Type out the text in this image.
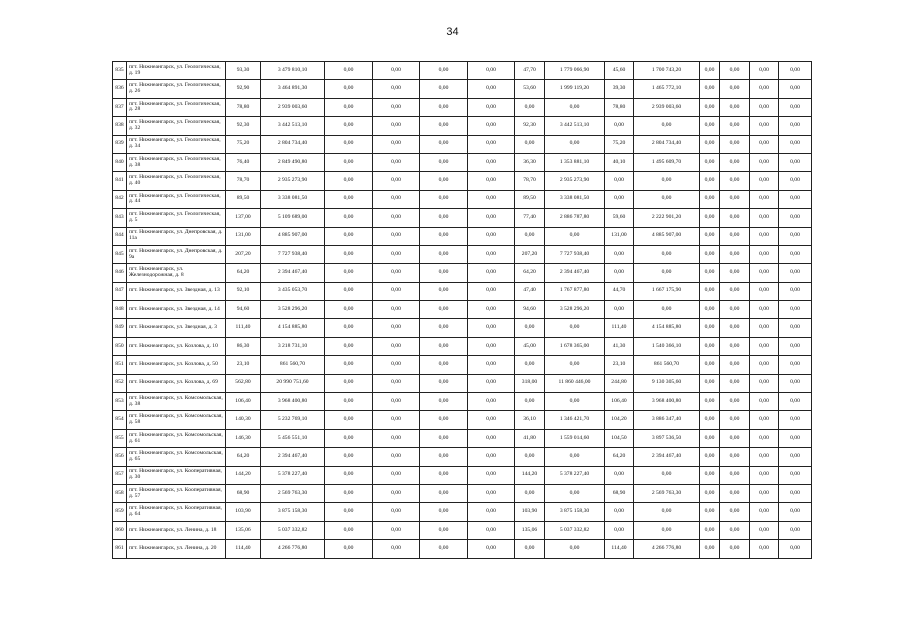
34
835	пгт. Нижнеангарск, ул. Геологическая, д. 19	93,30	3 479 810,10	0,00	0,00	0,00	0,00	47,70	1 779 066,90	45,60	1 700 743,20	0,00	0,00	0,00	0,00
836	пгт. Нижнеангарск, ул. Геологическая, д. 26	92,90	3 464 891,30	0,00	0,00	0,00	0,00	53,60	1 999 119,20	39,30	1 465 772,10	0,00	0,00	0,00	0,00
837	пгт. Нижнеангарск, ул. Геологическая, д. 28	78,80	2 939 003,60	0,00	0,00	0,00	0,00	0,00	0,00	78,80	2 939 003,60	0,00	0,00	0,00	0,00
838	пгт. Нижнеангарск, ул. Геологическая, д. 32	92,30	3 442 513,10	0,00	0,00	0,00	0,00	92,30	3 442 513,10	0,00	0,00	0,00	0,00	0,00	0,00
839	пгт. Нижнеангарск, ул. Геологическая, д. 34	75,20	2 804 734,40	0,00	0,00	0,00	0,00	0,00	0,00	75,20	2 804 734,40	0,00	0,00	0,00	0,00
840	пгт. Нижнеангарск, ул. Геологическая, д. 38	76,40	2 849 490,80	0,00	0,00	0,00	0,00	36,30	1 353 881,10	40,10	1 495 609,70	0,00	0,00	0,00	0,00
841	пгт. Нижнеангарск, ул. Геологическая, д. 40	78,70	2 935 273,90	0,00	0,00	0,00	0,00	78,70	2 935 273,90	0,00	0,00	0,00	0,00	0,00	0,00
842	пгт. Нижнеангарск, ул. Геологическая, д. 44	89,50	3 338 081,50	0,00	0,00	0,00	0,00	89,50	3 338 081,50	0,00	0,00	0,00	0,00	0,00	0,00
843	пгт. Нижнеангарск, ул. Геологическая, д. 5	137,00	5 109 689,00	0,00	0,00	0,00	0,00	77,40	2 886 787,80	59,60	2 222 901,20	0,00	0,00	0,00	0,00
844	пгт. Нижнеангарск, ул. Днепровская, д. 11а	131,00	4 885 907,00	0,00	0,00	0,00	0,00	0,00	0,00	131,00	4 885 907,00	0,00	0,00	0,00	0,00
845	пгт. Нижнеангарск, ул. Днепровская, д. 9а	207,20	7 727 938,40	0,00	0,00	0,00	0,00	207,20	7 727 938,40	0,00	0,00	0,00	0,00	0,00	0,00
846	пгт. Нижнеангарск, ул. Железнодорожная, д. 8	64,20	2 394 467,40	0,00	0,00	0,00	0,00	64,20	2 394 467,40	0,00	0,00	0,00	0,00	0,00	0,00
847	пгт. Нижнеангарск, ул. Звездная, д. 13	92,10	3 435 053,70	0,00	0,00	0,00	0,00	47,40	1 767 877,80	44,70	1 667 175,90	0,00	0,00	0,00	0,00
848	пгт. Нижнеангарск, ул. Звездная, д. 14	94,60	3 528 296,20	0,00	0,00	0,00	0,00	94,60	3 528 296,20	0,00	0,00	0,00	0,00	0,00	0,00
849	пгт. Нижнеангарск, ул. Звездная, д. 3	111,40	4 154 885,80	0,00	0,00	0,00	0,00	0,00	0,00	111,40	4 154 885,80	0,00	0,00	0,00	0,00
850	пгт. Нижнеангарск, ул. Козлова, д. 10	86,30	3 218 731,10	0,00	0,00	0,00	0,00	45,00	1 678 365,00	41,30	1 540 366,10	0,00	0,00	0,00	0,00
851	пгт. Нижнеангарск, ул. Козлова, д. 50	23,10	861 560,70	0,00	0,00	0,00	0,00	0,00	0,00	23,10	861 560,70	0,00	0,00	0,00	0,00
852	пгт. Нижнеангарск, ул. Козлова, д. 69	562,80	20 990 751,60	0,00	0,00	0,00	0,00	318,00	11 860 446,00	244,80	9 130 305,60	0,00	0,00	0,00	0,00
853	пгт. Нижнеангарск, ул. Комсомольская, д. 38	106,40	3 968 400,80	0,00	0,00	0,00	0,00	0,00	0,00	106,40	3 968 400,80	0,00	0,00	0,00	0,00
854	пгт. Нижнеангарск, ул. Комсомольская, д. 58	140,30	5 232 769,10	0,00	0,00	0,00	0,00	36,10	1 346 421,70	104,20	3 886 347,40	0,00	0,00	0,00	0,00
855	пгт. Нижнеангарск, ул. Комсомольская, д. 61	146,30	5 456 551,10	0,00	0,00	0,00	0,00	41,80	1 559 014,60	104,50	3 897 536,50	0,00	0,00	0,00	0,00
856	пгт. Нижнеангарск, ул. Комсомольская, д. 65	64,20	2 394 467,40	0,00	0,00	0,00	0,00	0,00	0,00	64,20	2 394 467,40	0,00	0,00	0,00	0,00
857	пгт. Нижнеангарск, ул. Кооперативная, д. 30	144,20	5 378 227,40	0,00	0,00	0,00	0,00	144,20	5 378 227,40	0,00	0,00	0,00	0,00	0,00	0,00
858	пгт. Нижнеангарск, ул. Кооперативная, д. 57	68,90	2 569 763,30	0,00	0,00	0,00	0,00	0,00	0,00	68,90	2 569 763,30	0,00	0,00	0,00	0,00
859	пгт. Нижнеангарск, ул. Кооперативная, д. 64	103,90	3 875 158,30	0,00	0,00	0,00	0,00	103,90	3 875 158,30	0,00	0,00	0,00	0,00	0,00	0,00
860	пгт. Нижнеангарск, ул. Ленина, д. 18	135,06	5 037 332,82	0,00	0,00	0,00	0,00	135,06	5 037 332,82	0,00	0,00	0,00	0,00	0,00	0,00
861	пгт. Нижнеангарск, ул. Ленина, д. 20	114,40	4 266 776,80	0,00	0,00	0,00	0,00	0,00	0,00	114,40	4 266 776,80	0,00	0,00	0,00	0,00
